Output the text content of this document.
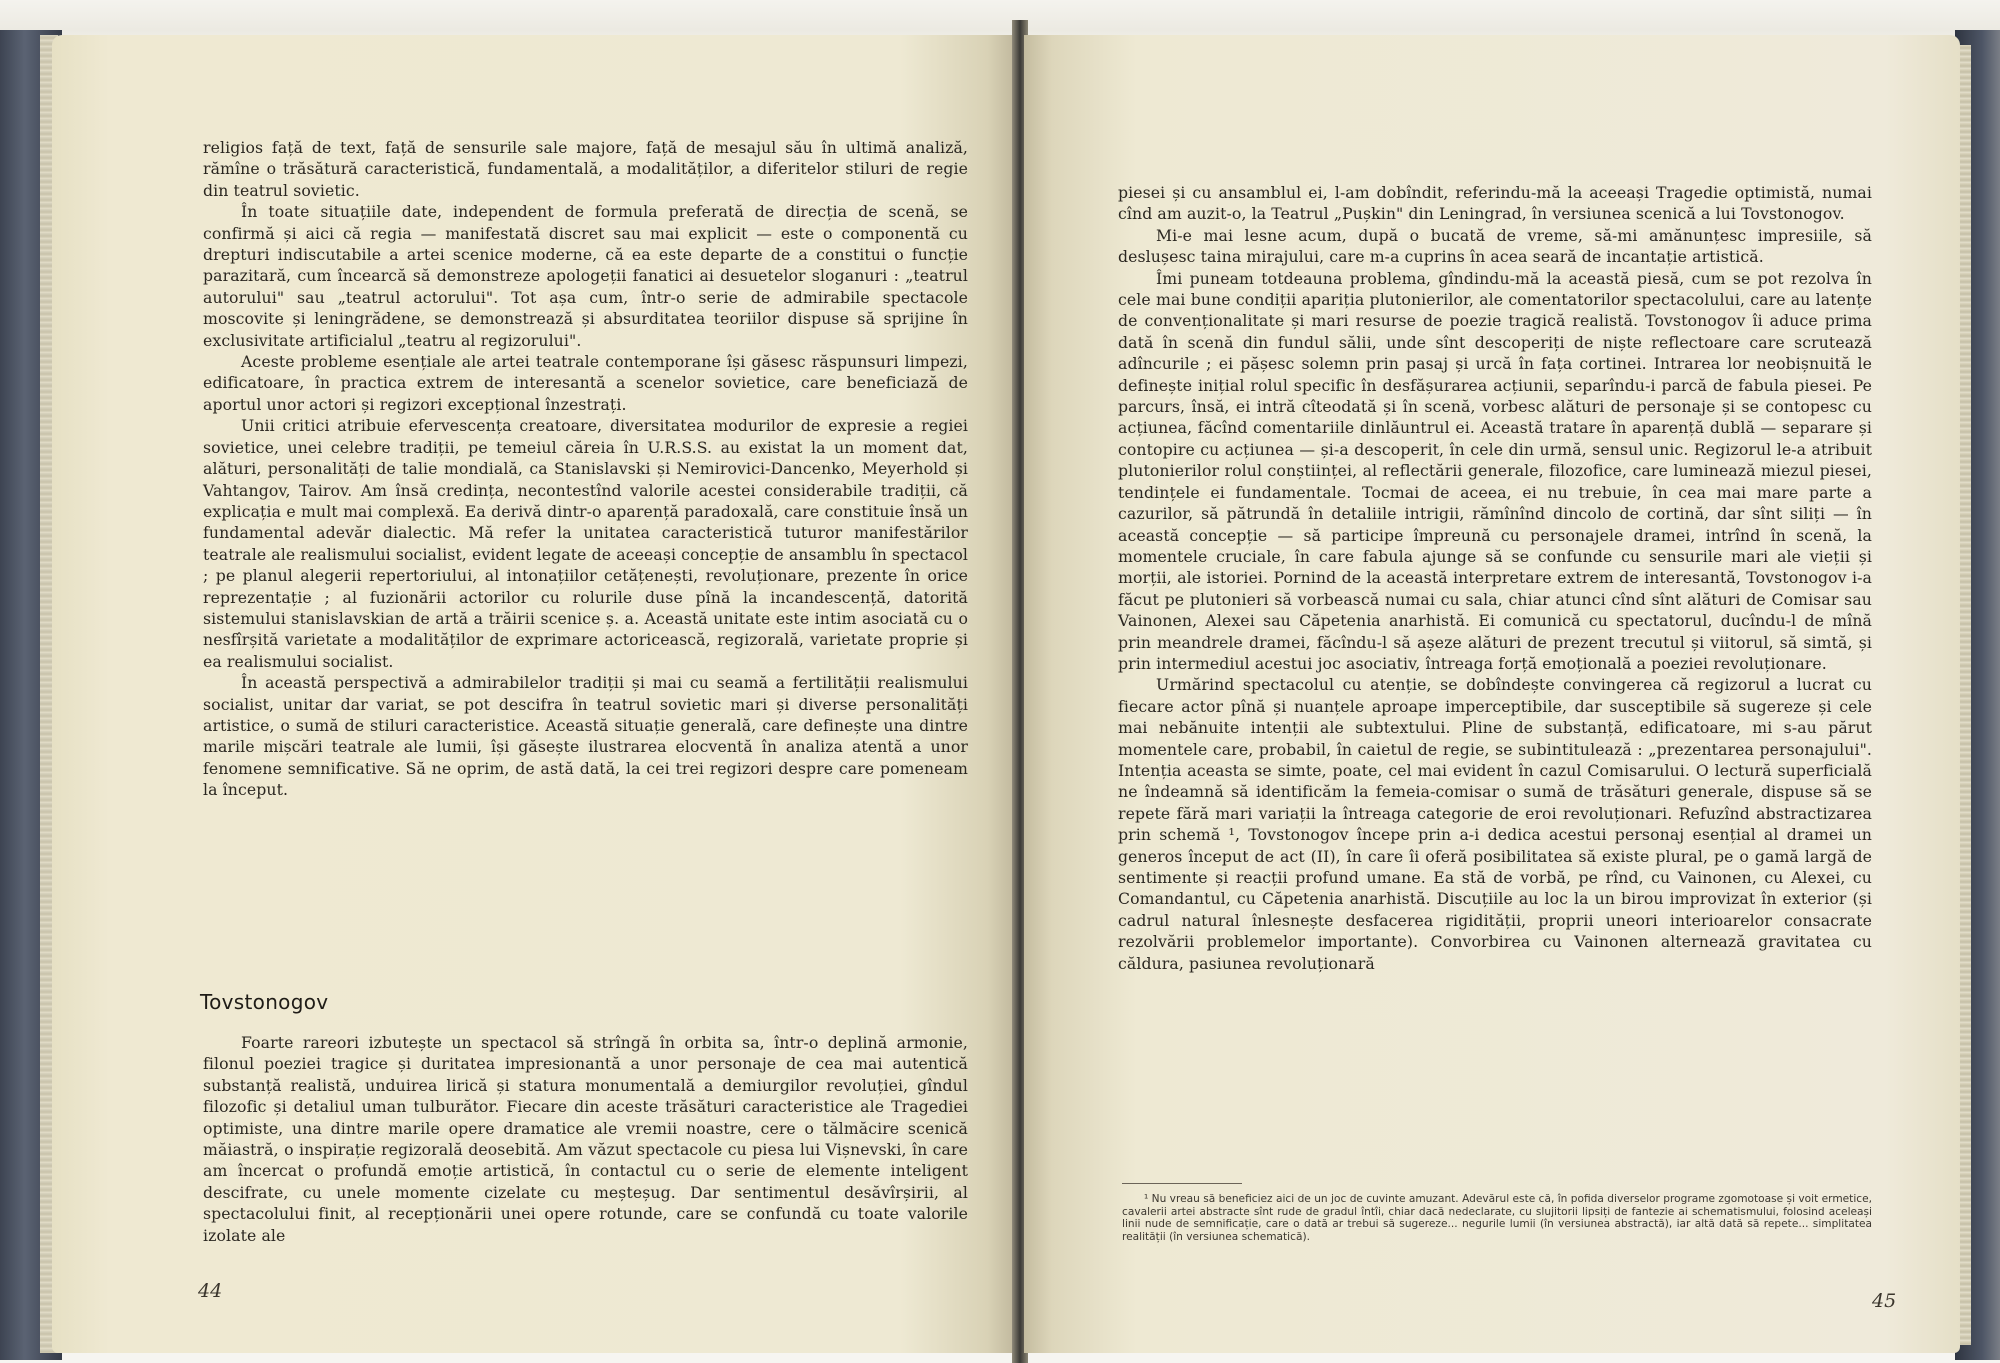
religios față de text, față de sensurile sale majore, față de mesajul său în ultimă analiză, rămîne o trăsătură caracteristică, fundamentală, a modalităților, a diferitelor stiluri de regie din teatrul sovietic.

În toate situațiile date, independent de formula preferată de direcția de scenă, se confirmă și aici că regia — manifestată discret sau mai explicit — este o componentă cu drepturi indiscutabile a artei scenice moderne, că ea este departe de a constitui o funcție parazitară, cum încearcă să demonstreze apologeții fanatici ai desuetelor sloganuri : „teatrul autorului" sau „teatrul actorului". Tot așa cum, într-o serie de admirabile spectacole moscovite și leningrădene, se demonstrează și absurditatea teoriilor dispuse să sprijine în exclusivitate artificialul „teatru al regizorului".

Aceste probleme esențiale ale artei teatrale contemporane își găsesc răspunsuri limpezi, edificatoare, în practica extrem de interesantă a scenelor sovietice, care beneficiază de aportul unor actori și regizori excepțional înzestrați.

Unii critici atribuie efervescența creatoare, diversitatea modurilor de expresie a regiei sovietice, unei celebre tradiții, pe temeiul căreia în U.R.S.S. au existat la un moment dat, alături, personalități de talie mondială, ca Stanislavski și Nemirovici-Dancenko, Meyerhold și Vahtangov, Tairov. Am însă credința, necontestînd valorile acestei considerabile tradiții, că explicația e mult mai complexă. Ea derivă dintr-o aparență paradoxală, care constituie însă un fundamental adevăr dialectic. Mă refer la unitatea caracteristică tuturor manifestărilor teatrale ale realismului socialist, evident legate de aceeași concepție de ansamblu în spectacol ; pe planul alegerii repertoriului, al intonațiilor cetățenești, revoluționare, prezente în orice reprezentație ; al fuzionării actorilor cu rolurile duse pînă la incandescență, datorită sistemului stanislavskian de artă a trăirii scenice ș. a. Această unitate este intim asociată cu o nesfîrșită varietate a modalităților de exprimare actoricească, regizorală, varietate proprie și ea realismului socialist.

În această perspectivă a admirabilelor tradiții și mai cu seamă a fertilității realismului socialist, unitar dar variat, se pot descifra în teatrul sovietic mari și diverse personalități artistice, o sumă de stiluri caracteristice. Această situație generală, care definește una dintre marile mișcări teatrale ale lumii, își găsește ilustrarea elocventă în analiza atentă a unor fenomene semnificative. Să ne oprim, de astă dată, la cei trei regizori despre care pomeneam la început.

Tovstonogov

Foarte rareori izbutește un spectacol să strîngă în orbita sa, într-o deplină armonie, filonul poeziei tragice și duritatea impresionantă a unor personaje de cea mai autentică substanță realistă, unduirea lirică și statura monumentală a demiurgilor revoluției, gîndul filozofic și detaliul uman tulburător. Fiecare din aceste trăsături caracteristice ale Tragediei optimiste, una dintre marile opere dramatice ale vremii noastre, cere o tălmăcire scenică măiastră, o inspirație regizorală deosebită. Am văzut spectacole cu piesa lui Vișnevski, în care am încercat o profundă emoție artistică, în contactul cu o serie de elemente inteligent descifrate, cu unele momente cizelate cu meșteșug. Dar sentimentul desăvîrșirii, al spectacolului finit, al recepționării unei opere rotunde, care se confundă cu toate valorile izolate ale

44

piesei și cu ansamblul ei, l-am dobîndit, referindu-mă la aceeași Tragedie optimistă, numai cînd am auzit-o, la Teatrul „Pușkin" din Leningrad, în versiunea scenică a lui Tovstonogov.

Mi-e mai lesne acum, după o bucată de vreme, să-mi amănunțesc impresiile, să deslușesc taina mirajului, care m-a cuprins în acea seară de incantație artistică.

Îmi puneam totdeauna problema, gîndindu-mă la această piesă, cum se pot rezolva în cele mai bune condiții apariția plutonierilor, ale comentatorilor spectacolului, care au latențe de convenționalitate și mari resurse de poezie tragică realistă. Tovstonogov îi aduce prima dată în scenă din fundul sălii, unde sînt descoperiți de niște reflectoare care scrutează adîncurile ; ei pășesc solemn prin pasaj și urcă în fața cortinei. Intrarea lor neobișnuită le definește inițial rolul specific în desfășurarea acțiunii, separîndu-i parcă de fabula piesei. Pe parcurs, însă, ei intră cîteodată și în scenă, vorbesc alături de personaje și se contopesc cu acțiunea, făcînd comentariile dinlăuntrul ei. Această tratare în aparență dublă — separare și contopire cu acțiunea — și-a descoperit, în cele din urmă, sensul unic. Regizorul le-a atribuit plutonierilor rolul conștiinței, al reflectării generale, filozofice, care luminează miezul piesei, tendințele ei fundamentale. Tocmai de aceea, ei nu trebuie, în cea mai mare parte a cazurilor, să pătrundă în detaliile intrigii, rămînînd dincolo de cortină, dar sînt siliți — în această concepție — să participe împreună cu personajele dramei, intrînd în scenă, la momentele cruciale, în care fabula ajunge să se confunde cu sensurile mari ale vieții și morții, ale istoriei. Pornind de la această interpretare extrem de interesantă, Tovstonogov i-a făcut pe plutonieri să vorbească numai cu sala, chiar atunci cînd sînt alături de Comisar sau Vainonen, Alexei sau Căpetenia anarhistă. Ei comunică cu spectatorul, ducîndu-l de mînă prin meandrele dramei, făcîndu-l să așeze alături de prezent trecutul și viitorul, să simtă, și prin intermediul acestui joc asociativ, întreaga forță emoțională a poeziei revoluționare.

Urmărind spectacolul cu atenție, se dobîndește convingerea că regizorul a lucrat cu fiecare actor pînă și nuanțele aproape imperceptibile, dar susceptibile să sugereze și cele mai nebănuite intenții ale subtextului. Pline de substanță, edificatoare, mi s-au părut momentele care, probabil, în caietul de regie, se subintitulează : „prezentarea personajului". Intenția aceasta se simte, poate, cel mai evident în cazul Comisarului. O lectură superficială ne îndeamnă să identificăm la femeia-comisar o sumă de trăsături generale, dispuse să se repete fără mari variații la întreaga categorie de eroi revoluționari. Refuzînd abstractizarea prin schemă ¹, Tovstonogov începe prin a-i dedica acestui personaj esențial al dramei un generos început de act (II), în care îi oferă posibilitatea să existe plural, pe o gamă largă de sentimente și reacții profund umane. Ea stă de vorbă, pe rînd, cu Vainonen, cu Alexei, cu Comandantul, cu Căpetenia anarhistă. Discuțiile au loc la un birou improvizat în exterior (și cadrul natural înlesnește desfacerea rigidității, proprii uneori interioarelor consacrate rezolvării problemelor importante). Convorbirea cu Vainonen alternează gravitatea cu căldura, pasiunea revoluționară

¹ Nu vreau să beneficiez aici de un joc de cuvinte amuzant. Adevărul este că, în pofida diverselor programe zgomotoase și voit ermetice, cavalerii artei abstracte sînt rude de gradul întîi, chiar dacă nedeclarate, cu slujitorii lipsiți de fantezie ai schematismului, folosind aceleași linii nude de semnificație, care o dată ar trebui să sugereze... negurile lumii (în versiunea abstractă), iar altă dată să repete... simplitatea realității (în versiunea schematică).

45
